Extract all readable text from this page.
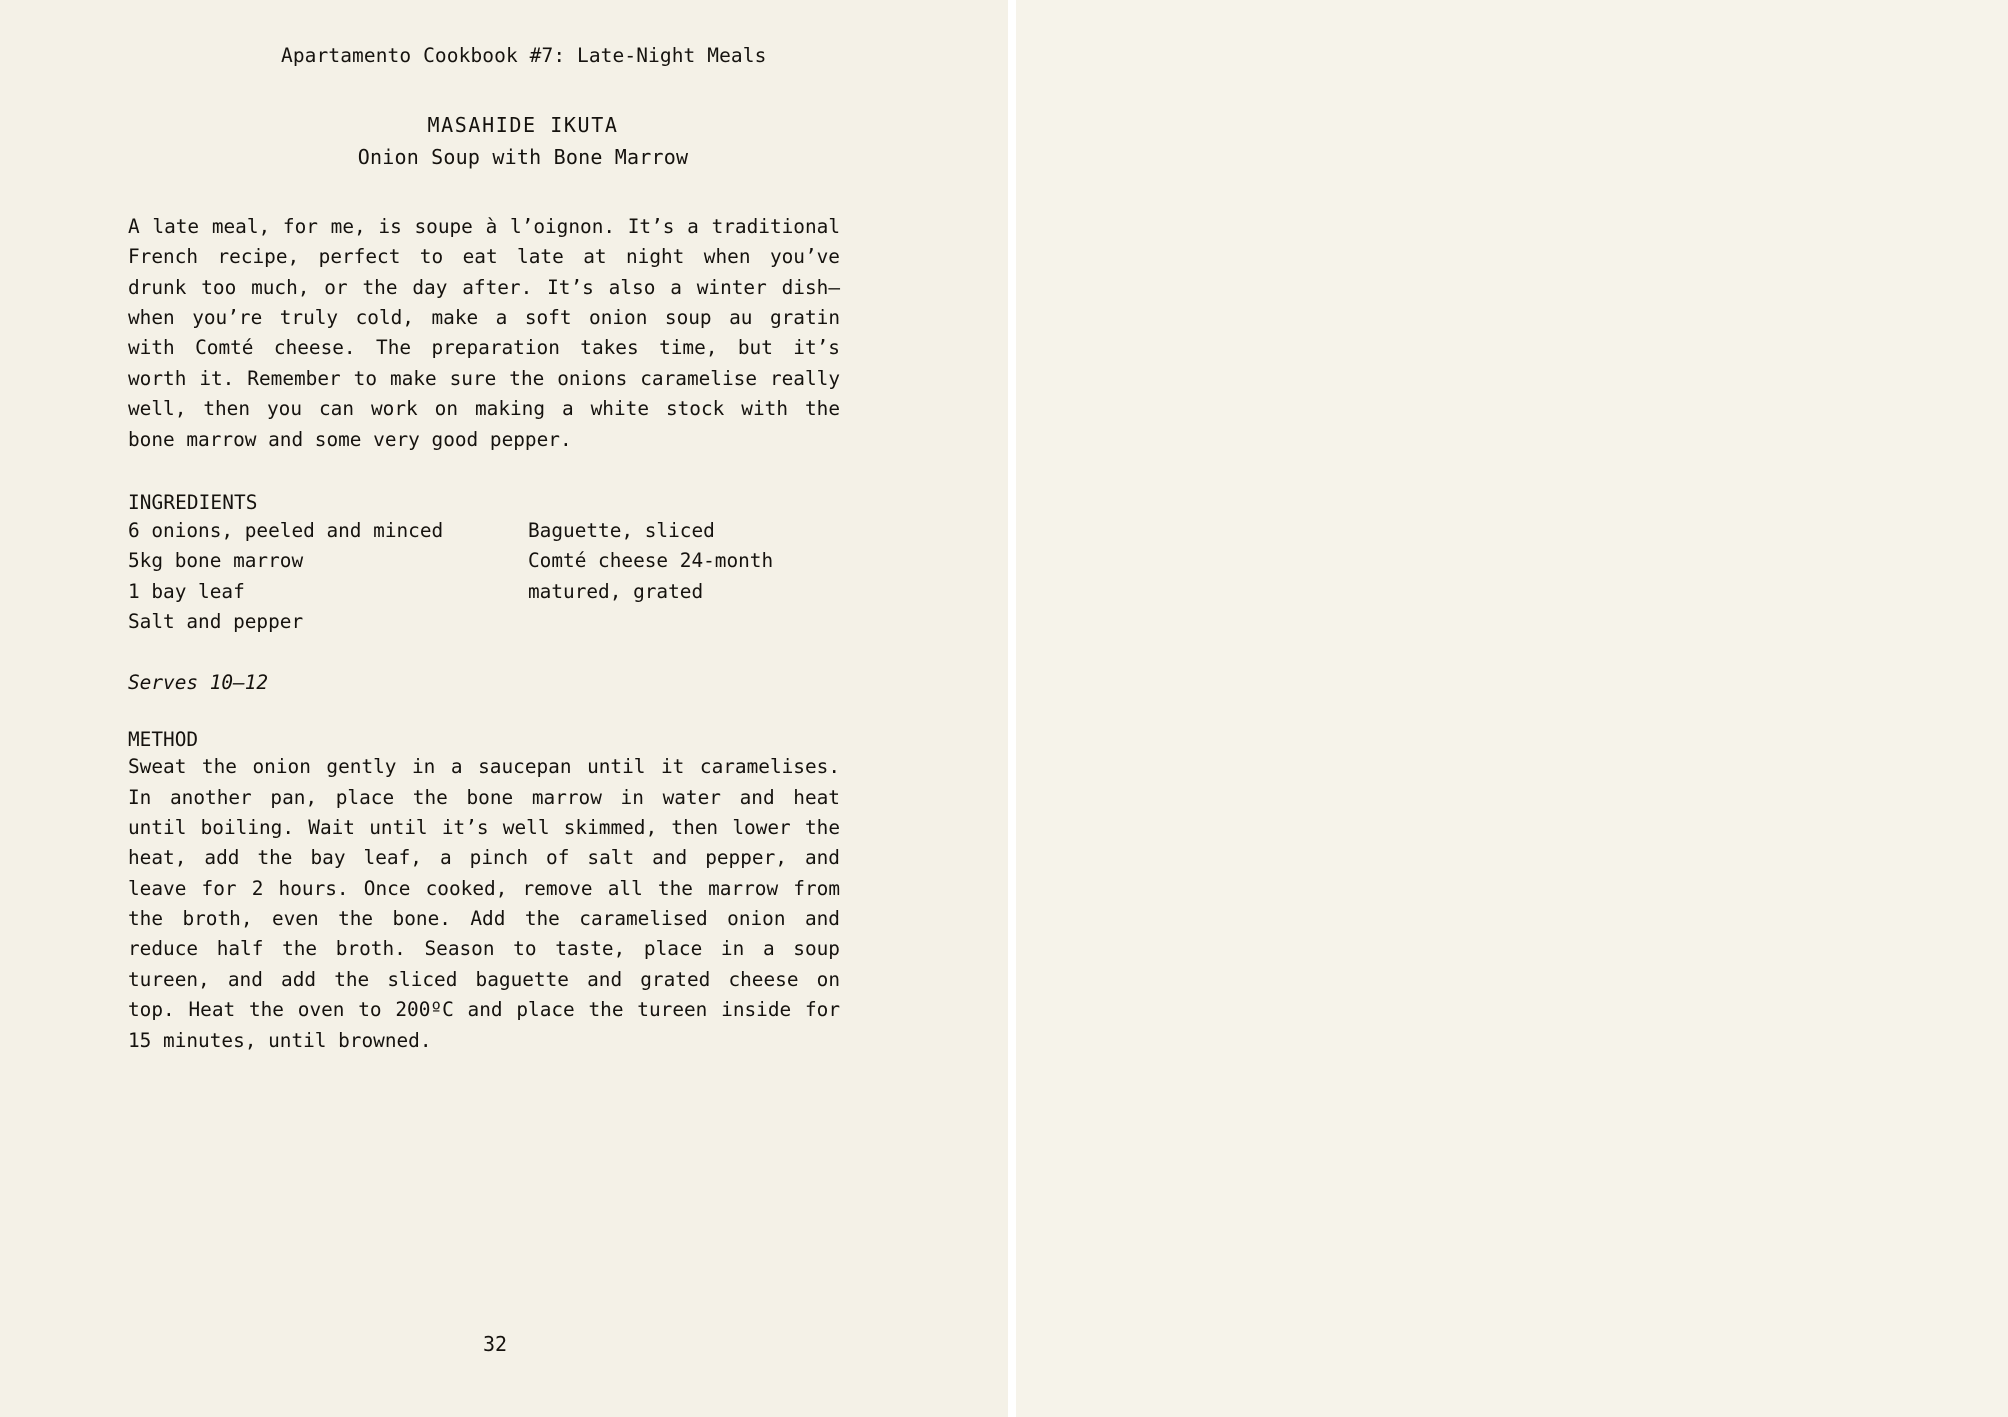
Apartamento Cookbook #7: Late-Night Meals
MASAHIDE IKUTA
Onion Soup with Bone Marrow
A late meal, for me, is soupe à l’oignon. It’s a traditional French recipe, perfect to eat late at night when you’ve drunk too much, or the day after. It’s also a winter dish—when you’re truly cold, make a soft onion soup au gratin with Comté cheese. The preparation takes time, but it’s worth it. Remember to make sure the onions caramelise really well, then you can work on making a white stock with the bone marrow and some very good pepper.
INGREDIENTS
6 onions, peeled and minced
5kg bone marrow
1 bay leaf
Salt and pepper
Baguette, sliced
Comté cheese 24-month
matured, grated
Serves 10–12
METHOD
Sweat the onion gently in a saucepan until it caramelises. In another pan, place the bone marrow in water and heat until boiling. Wait until it’s well skimmed, then lower the heat, add the bay leaf, a pinch of salt and pepper, and leave for 2 hours. Once cooked, remove all the marrow from the broth, even the bone. Add the caramelised onion and reduce half the broth. Season to taste, place in a soup tureen, and add the sliced baguette and grated cheese on top. Heat the oven to 200ºC and place the tureen inside for 15 minutes, until browned.
32
